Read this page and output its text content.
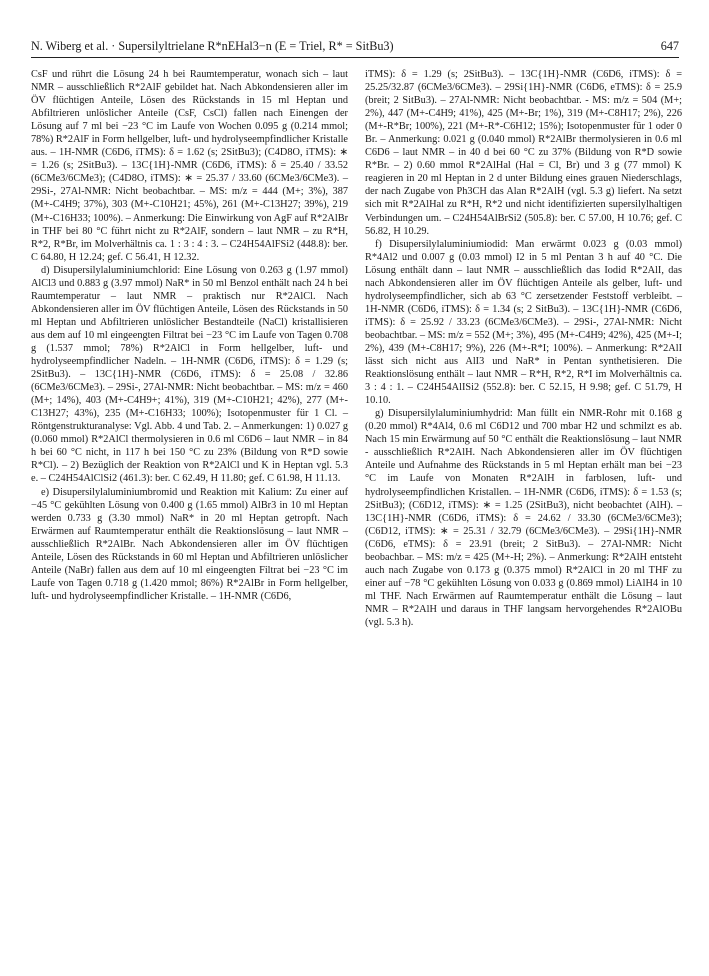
N. Wiberg et al. · Supersilyltrielane R*nEHal3−n (E = Triel, R* = SitBu3)	647

CsF und rührt die Lösung 24 h bei Raumtemperatur, wonach sich – laut NMR – ausschließlich R*2AlF gebildet hat. Nach Abkondensieren aller im ÖV flüchtigen Anteile, Lösen des Rückstands in 15 ml Heptan und Abfiltrieren unlöslicher Anteile (CsF, CsCl) fallen nach Einengen der Lösung auf 7 ml bei −23 °C im Laufe von Wochen 0.095 g (0.214 mmol; 78%) R*2AlF in Form hellgelber, luft- und hydrolyseempfindlicher Kristalle aus. – 1H-NMR (C6D6, iTMS): δ = 1.62 (s; 2SitBu3); (C4D8O, iTMS): ∗ = 1.26 (s; 2SitBu3). – 13C{1H}-NMR (C6D6, iTMS): δ = 25.40 / 33.52 (6CMe3/6CMe3); (C4D8O, iTMS): ∗ = 25.37 / 33.60 (6CMe3/6CMe3). – 29Si-, 27Al-NMR: Nicht beobachtbar. – MS: m/z = 444 (M+; 3%), 387 (M+-C4H9; 37%), 303 (M+-C10H21; 45%), 261 (M+-C13H27; 39%), 219 (M+-C16H33; 100%). – Anmerkung: Die Einwirkung von AgF auf R*2AlBr in THF bei 80 °C führt nicht zu R*2AlF, sondern – laut NMR – zu R*H, R*2, R*Br, im Molverhältnis ca. 1 : 3 : 4 : 3. – C24H54AlFSi2 (448.8): ber. C 64.80, H 12.24; gef. C 56.41, H 12.32.

d) Disupersilylaluminiumchlorid: Eine Lösung von 0.263 g (1.97 mmol) AlCl3 und 0.883 g (3.97 mmol) NaR* in 50 ml Benzol enthält nach 24 h bei Raumtemperatur – laut NMR – praktisch nur R*2AlCl. Nach Abkondensieren aller im ÖV flüchtigen Anteile, Lösen des Rückstands in 50 ml Heptan und Abfiltrieren unlöslicher Bestandteile (NaCl) kristallisieren aus dem auf 10 ml eingeengten Filtrat bei −23 °C im Laufe von Tagen 0.708 g (1.537 mmol; 78%) R*2AlCl in Form hellgelber, luft- und hydrolyseempfindlicher Nadeln. – 1H-NMR (C6D6, iTMS): δ = 1.29 (s; 2SitBu3). – 13C{1H}-NMR (C6D6, iTMS): δ = 25.08 / 32.86 (6CMe3/6CMe3). – 29Si-, 27Al-NMR: Nicht beobachtbar. – MS: m/z = 460 (M+; 14%), 403 (M+-C4H9+; 41%), 319 (M+-C10H21; 42%), 277 (M+-C13H27; 43%), 235 (M+-C16H33; 100%); Isotopenmuster für 1 Cl. – Röntgenstrukturanalyse: Vgl. Abb. 4 und Tab. 2. – Anmerkungen: 1) 0.027 g (0.060 mmol) R*2AlCl thermolysieren in 0.6 ml C6D6 – laut NMR – in 84 h bei 60 °C nicht, in 117 h bei 150 °C zu 23% (Bildung von R*D sowie R*Cl). – 2) Bezüglich der Reaktion von R*2AlCl und K in Heptan vgl. 5.3 e. – C24H54AlClSi2 (461.3): ber. C 62.49, H 11.80; gef. C 61.98, H 11.13.

e) Disupersilylaluminiumbromid und Reaktion mit Kalium: Zu einer auf −45 °C gekühlten Lösung von 0.400 g (1.65 mmol) AlBr3 in 10 ml Heptan werden 0.733 g (3.30 mmol) NaR* in 20 ml Heptan getropft. Nach Erwärmen auf Raumtemperatur enthält die Reaktionslösung – laut NMR – ausschließlich R*2AlBr. Nach Abkondensieren aller im ÖV flüchtigen Anteile, Lösen des Rückstands in 60 ml Heptan und Abfiltrieren unlöslicher Anteile (NaBr) fallen aus dem auf 10 ml eingeengten Filtrat bei −23 °C im Laufe von Tagen 0.718 g (1.420 mmol; 86%) R*2AlBr in Form hellgelber, luft- und hydrolyseempfindlicher Kristalle. – 1H-NMR (C6D6,

iTMS): δ = 1.29 (s; 2SitBu3). – 13C{1H}-NMR (C6D6, iTMS): δ = 25.25/32.87 (6CMe3/6CMe3). – 29Si{1H}-NMR (C6D6, eTMS): δ = 25.9 (breit; 2 SitBu3). – 27Al-NMR: Nicht beobachtbar. - MS: m/z = 504 (M+; 2%), 447 (M+-C4H9; 41%), 425 (M+-Br; 1%), 319 (M+-C8H17; 2%), 226 (M+-R*Br; 100%), 221 (M+-R*-C6H12; 15%); Isotopenmuster für 1 oder 0 Br. – Anmerkung: 0.021 g (0.040 mmol) R*2AlBr thermolysieren in 0.6 ml C6D6 – laut NMR – in 40 d bei 60 °C zu 37% (Bildung von R*D sowie R*Br. – 2) 0.60 mmol R*2AlHal (Hal = Cl, Br) und 3 g (77 mmol) K reagieren in 20 ml Heptan in 2 d unter Bildung eines grauen Niederschlags, der nach Zugabe von Ph3CH das Alan R*2AlH (vgl. 5.3 g) liefert. Na setzt sich mit R*2AlHal zu R*H, R*2 und nicht identifizierten supersilylhaltigen Verbindungen um. – C24H54AlBrSi2 (505.8): ber. C 57.00, H 10.76; gef. C 56.82, H 10.29.

f) Disupersilylaluminiumiodid: Man erwärmt 0.023 g (0.03 mmol) R*4Al2 und 0.007 g (0.03 mmol) I2 in 5 ml Pentan 3 h auf 40 °C. Die Lösung enthält dann – laut NMR – ausschließlich das Iodid R*2AlI, das nach Abkondensieren aller im ÖV flüchtigen Anteile als gelber, luft- und hydrolyseempfindlicher, sich ab 63 °C zersetzender Feststoff verbleibt. – 1H-NMR (C6D6, iTMS): δ = 1.34 (s; 2 SitBu3). – 13C{1H}-NMR (C6D6, iTMS): δ = 25.92 / 33.23 (6CMe3/6CMe3). – 29Si-, 27Al-NMR: Nicht beobachtbar. – MS: m/z = 552 (M+; 3%), 495 (M+-C4H9; 42%), 425 (M+-I; 2%), 439 (M+-C8H17; 9%), 226 (M+-R*I; 100%). – Anmerkung: R*2AlI lässt sich nicht aus AlI3 und NaR* in Pentan synthetisieren. Die Reaktionslösung enthält – laut NMR – R*H, R*2, R*I im Molverhältnis ca. 3 : 4 : 1. – C24H54AlISi2 (552.8): ber. C 52.15, H 9.98; gef. C 51.79, H 10.10.

g) Disupersilylaluminiumhydrid: Man füllt ein NMR-Rohr mit 0.168 g (0.20 mmol) R*4Al4, 0.6 ml C6D12 und 700 mbar H2 und schmilzt es ab. Nach 15 min Erwärmung auf 50 °C enthält die Reaktionslösung – laut NMR - ausschließlich R*2AlH. Nach Abkondensieren aller im ÖV flüchtigen Anteile und Aufnahme des Rückstands in 5 ml Heptan erhält man bei −23 °C im Laufe von Monaten R*2AlH in farblosen, luft- und hydrolyseempfindlichen Kristallen. – 1H-NMR (C6D6, iTMS): δ = 1.53 (s; 2SitBu3); (C6D12, iTMS): ∗ = 1.25 (2SitBu3), nicht beobachtet (AlH). – 13C{1H}-NMR (C6D6, iTMS): δ = 24.62 / 33.30 (6CMe3/6CMe3); (C6D12, iTMS): ∗ = 25.31 / 32.79 (6CMe3/6CMe3). – 29Si{1H}-NMR (C6D6, eTMS): δ = 23.91 (breit; 2 SitBu3). – 27Al-NMR: Nicht beobachbar. – MS: m/z = 425 (M+-H; 2%). – Anmerkung: R*2AlH entsteht auch nach Zugabe von 0.173 g (0.375 mmol) R*2AlCl in 20 ml THF zu einer auf −78 °C gekühlten Lösung von 0.033 g (0.869 mmol) LiAlH4 in 10 ml THF. Nach Erwärmen auf Raumtemperatur enthält die Lösung – laut NMR – R*2AlH und daraus in THF langsam hervorgehendes R*2AlOBu (vgl. 5.3 h).
